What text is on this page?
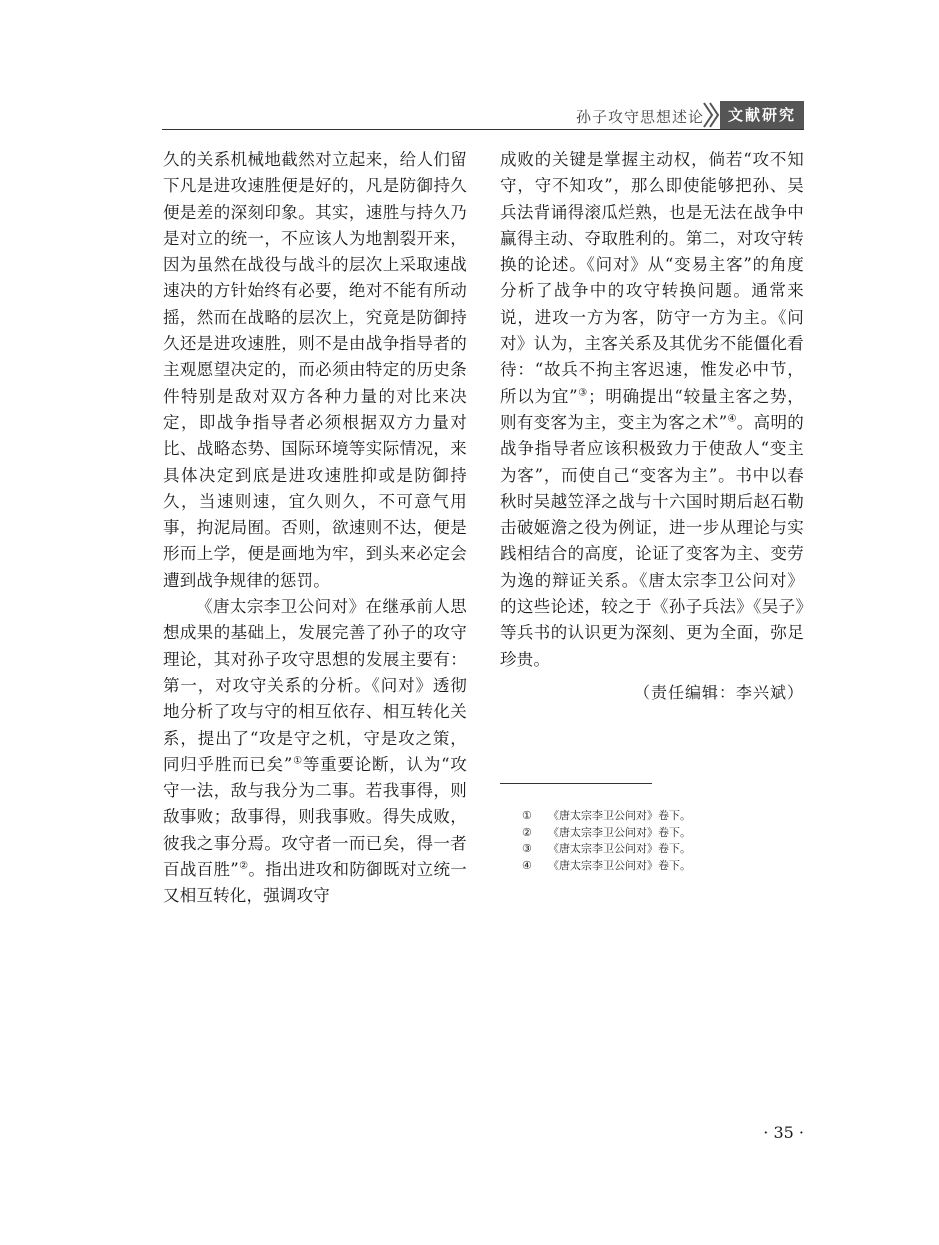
孙子攻守思想述论	文献研究

久的关系机械地截然对立起来，给人们留下凡是进攻速胜便是好的，凡是防御持久便是差的深刻印象。其实，速胜与持久乃是对立的统一，不应该人为地割裂开来，因为虽然在战役与战斗的层次上采取速战速决的方针始终有必要，绝对不能有所动摇，然而在战略的层次上，究竟是防御持久还是进攻速胜，则不是由战争指导者的主观愿望决定的，而必须由特定的历史条件特别是敌对双方各种力量的对比来决定，即战争指导者必须根据双方力量对比、战略态势、国际环境等实际情况，来具体决定到底是进攻速胜抑或是防御持久，当速则速，宜久则久，不可意气用事，拘泥局囿。否则，欲速则不达，便是形而上学，便是画地为牢，到头来必定会遭到战争规律的惩罚。

《唐太宗李卫公问对》在继承前人思想成果的基础上，发展完善了孙子的攻守理论，其对孙子攻守思想的发展主要有：第一，对攻守关系的分析。《问对》透彻地分析了攻与守的相互依存、相互转化关系，提出了“攻是守之机，守是攻之策，同归乎胜而已矣”①等重要论断，认为“攻守一法，敌与我分为二事。若我事得，则敌事败；敌事得，则我事败。得失成败，彼我之事分焉。攻守者一而已矣，得一者百战百胜”②。指出进攻和防御既对立统一又相互转化，强调攻守

成败的关键是掌握主动权，倘若“攻不知守，守不知攻”，那么即使能够把孙、吴兵法背诵得滚瓜烂熟，也是无法在战争中赢得主动、夺取胜利的。第二，对攻守转换的论述。《问对》从“变易主客”的角度分析了战争中的攻守转换问题。通常来说，进攻一方为客，防守一方为主。《问对》认为，主客关系及其优劣不能僵化看待：“故兵不拘主客迟速，惟发必中节，所以为宜”③；明确提出“较量主客之势，则有变客为主，变主为客之术”④。高明的战争指导者应该积极致力于使敌人“变主为客”，而使自己“变客为主”。书中以春秋时吴越笠泽之战与十六国时期后赵石勒击破姬澹之役为例证，进一步从理论与实践相结合的高度，论证了变客为主、变劳为逸的辩证关系。《唐太宗李卫公问对》的这些论述，较之于《孙子兵法》《吴子》等兵书的认识更为深刻、更为全面，弥足珍贵。

（责任编辑：李兴斌）
① 《唐太宗李卫公问对》卷下。
② 《唐太宗李卫公问对》卷下。
③ 《唐太宗李卫公问对》卷下。
④ 《唐太宗李卫公问对》卷下。
· 35 ·
